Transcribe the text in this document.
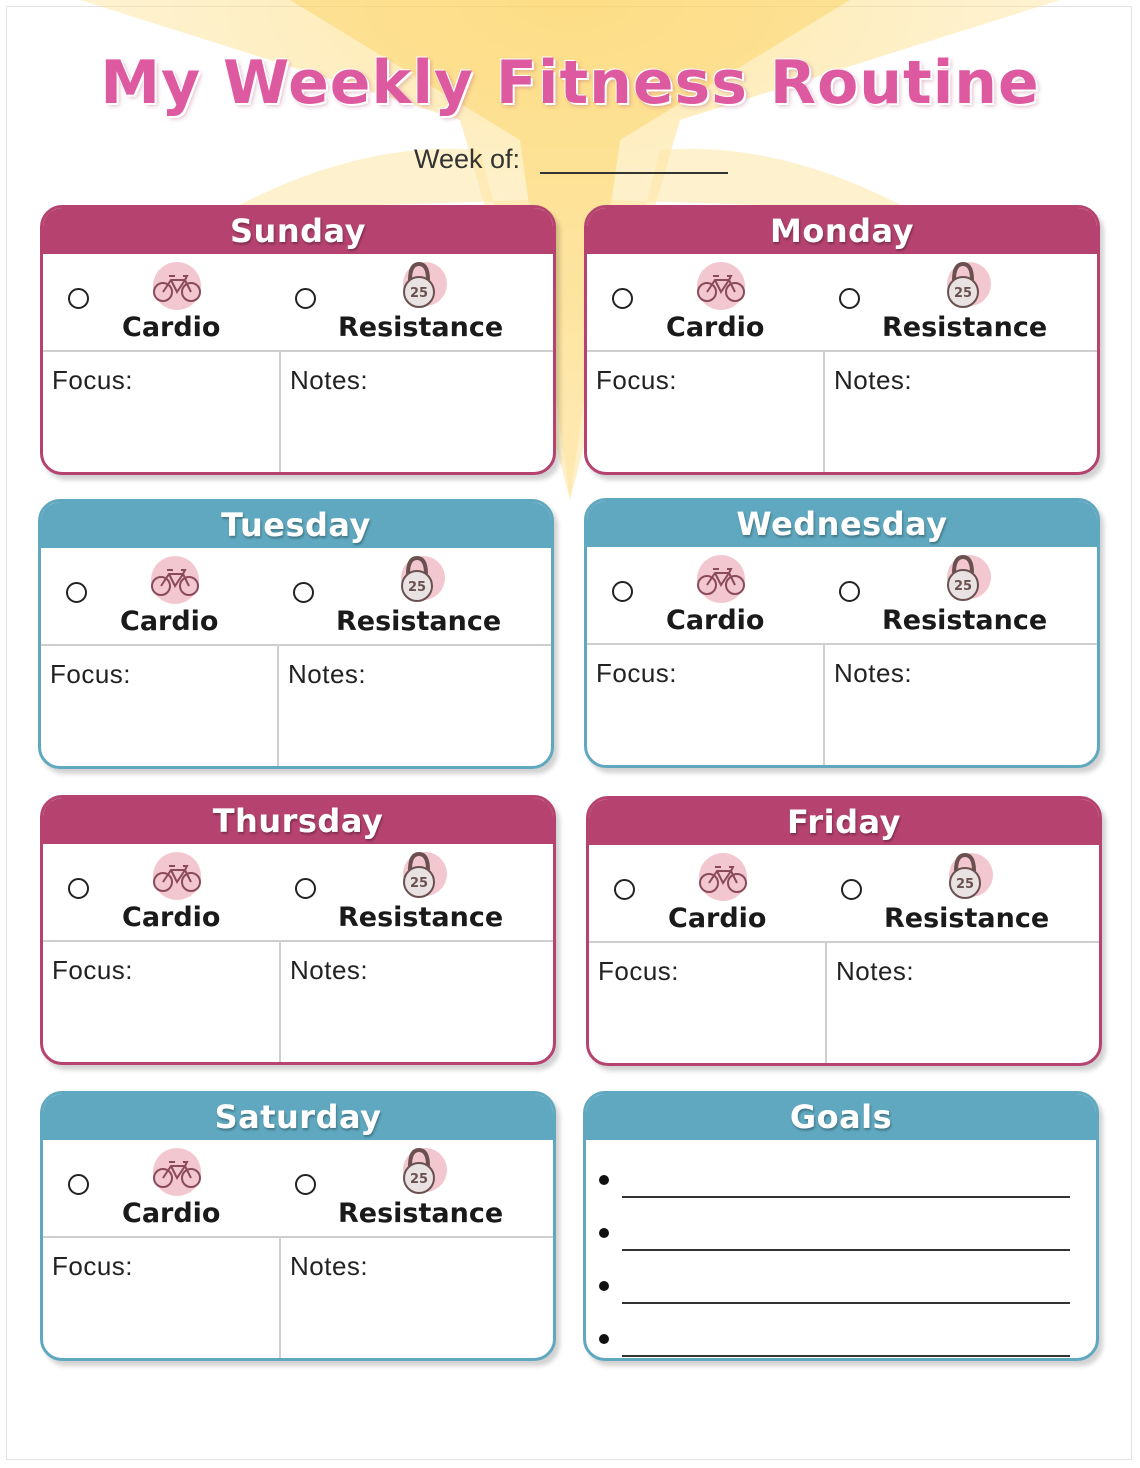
My Weekly Fitness Routine
Week of:
Sunday
Cardio
25
Resistance
Focus:	Notes:
Monday
Cardio
25
Resistance
Focus:	Notes:
Tuesday
Cardio
25
Resistance
Focus:	Notes:
Wednesday
Cardio
25
Resistance
Focus:	Notes:
Thursday
Cardio
25
Resistance
Focus:	Notes:
Friday
Cardio
25
Resistance
Focus:	Notes:
Saturday
Cardio
25
Resistance
Focus:	Notes:
Goals
